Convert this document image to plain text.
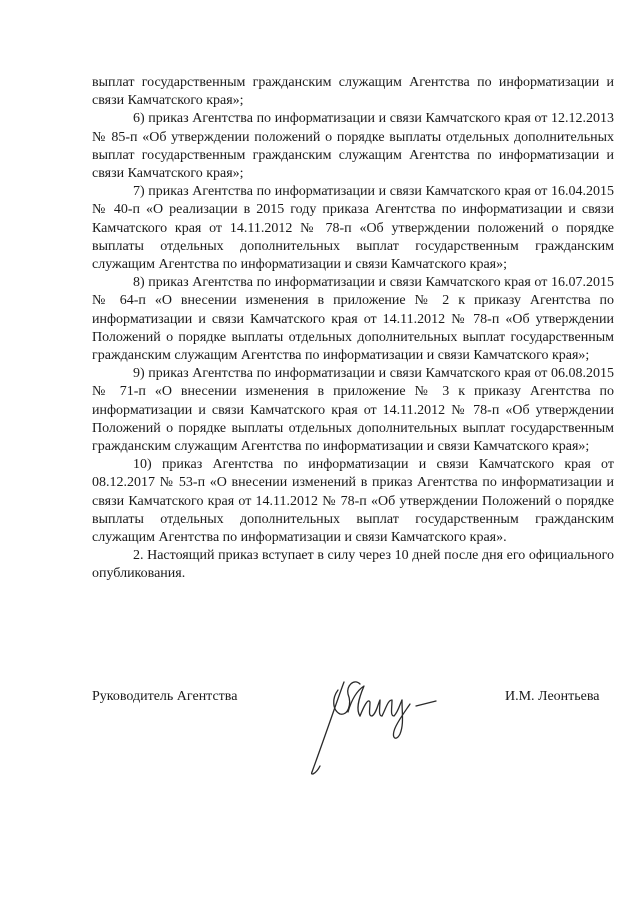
выплат государственным гражданским служащим Агентства по информатизации и связи Камчатского края»;

6) приказ Агентства по информатизации и связи Камчатского края от 12.12.2013 № 85-п «Об утверждении положений о порядке выплаты отдельных дополнительных выплат государственным гражданским служащим Агентства по информатизации и связи Камчатского края»;

7) приказ Агентства по информатизации и связи Камчатского края от 16.04.2015 № 40-п «О реализации в 2015 году приказа Агентства по информатизации и связи Камчатского края от 14.11.2012 № 78-п «Об утверждении положений о порядке выплаты отдельных дополнительных выплат государственным гражданским служащим Агентства по информатизации и связи Камчатского края»;

8) приказ Агентства по информатизации и связи Камчатского края от 16.07.2015 № 64-п «О внесении изменения в приложение № 2 к приказу Агентства по информатизации и связи Камчатского края от 14.11.2012 № 78-п «Об утверждении Положений о порядке выплаты отдельных дополнительных выплат государственным гражданским служащим Агентства по информатизации и связи Камчатского края»;

9) приказ Агентства по информатизации и связи Камчатского края от 06.08.2015 № 71-п «О внесении изменения в приложение № 3 к приказу Агентства по информатизации и связи Камчатского края от 14.11.2012 № 78-п «Об утверждении Положений о порядке выплаты отдельных дополнительных выплат государственным гражданским служащим Агентства по информатизации и связи Камчатского края»;

10) приказ Агентства по информатизации и связи Камчатского края от 08.12.2017 № 53-п «О внесении изменений в приказ Агентства по информатизации и связи Камчатского края от 14.11.2012 № 78-п «Об утверждении Положений о порядке выплаты отдельных дополнительных выплат государственным гражданским служащим Агентства по информатизации и связи Камчатского края».

2. Настоящий приказ вступает в силу через 10 дней после дня его официального опубликования.

Руководитель Агентства	И.М. Леонтьева
